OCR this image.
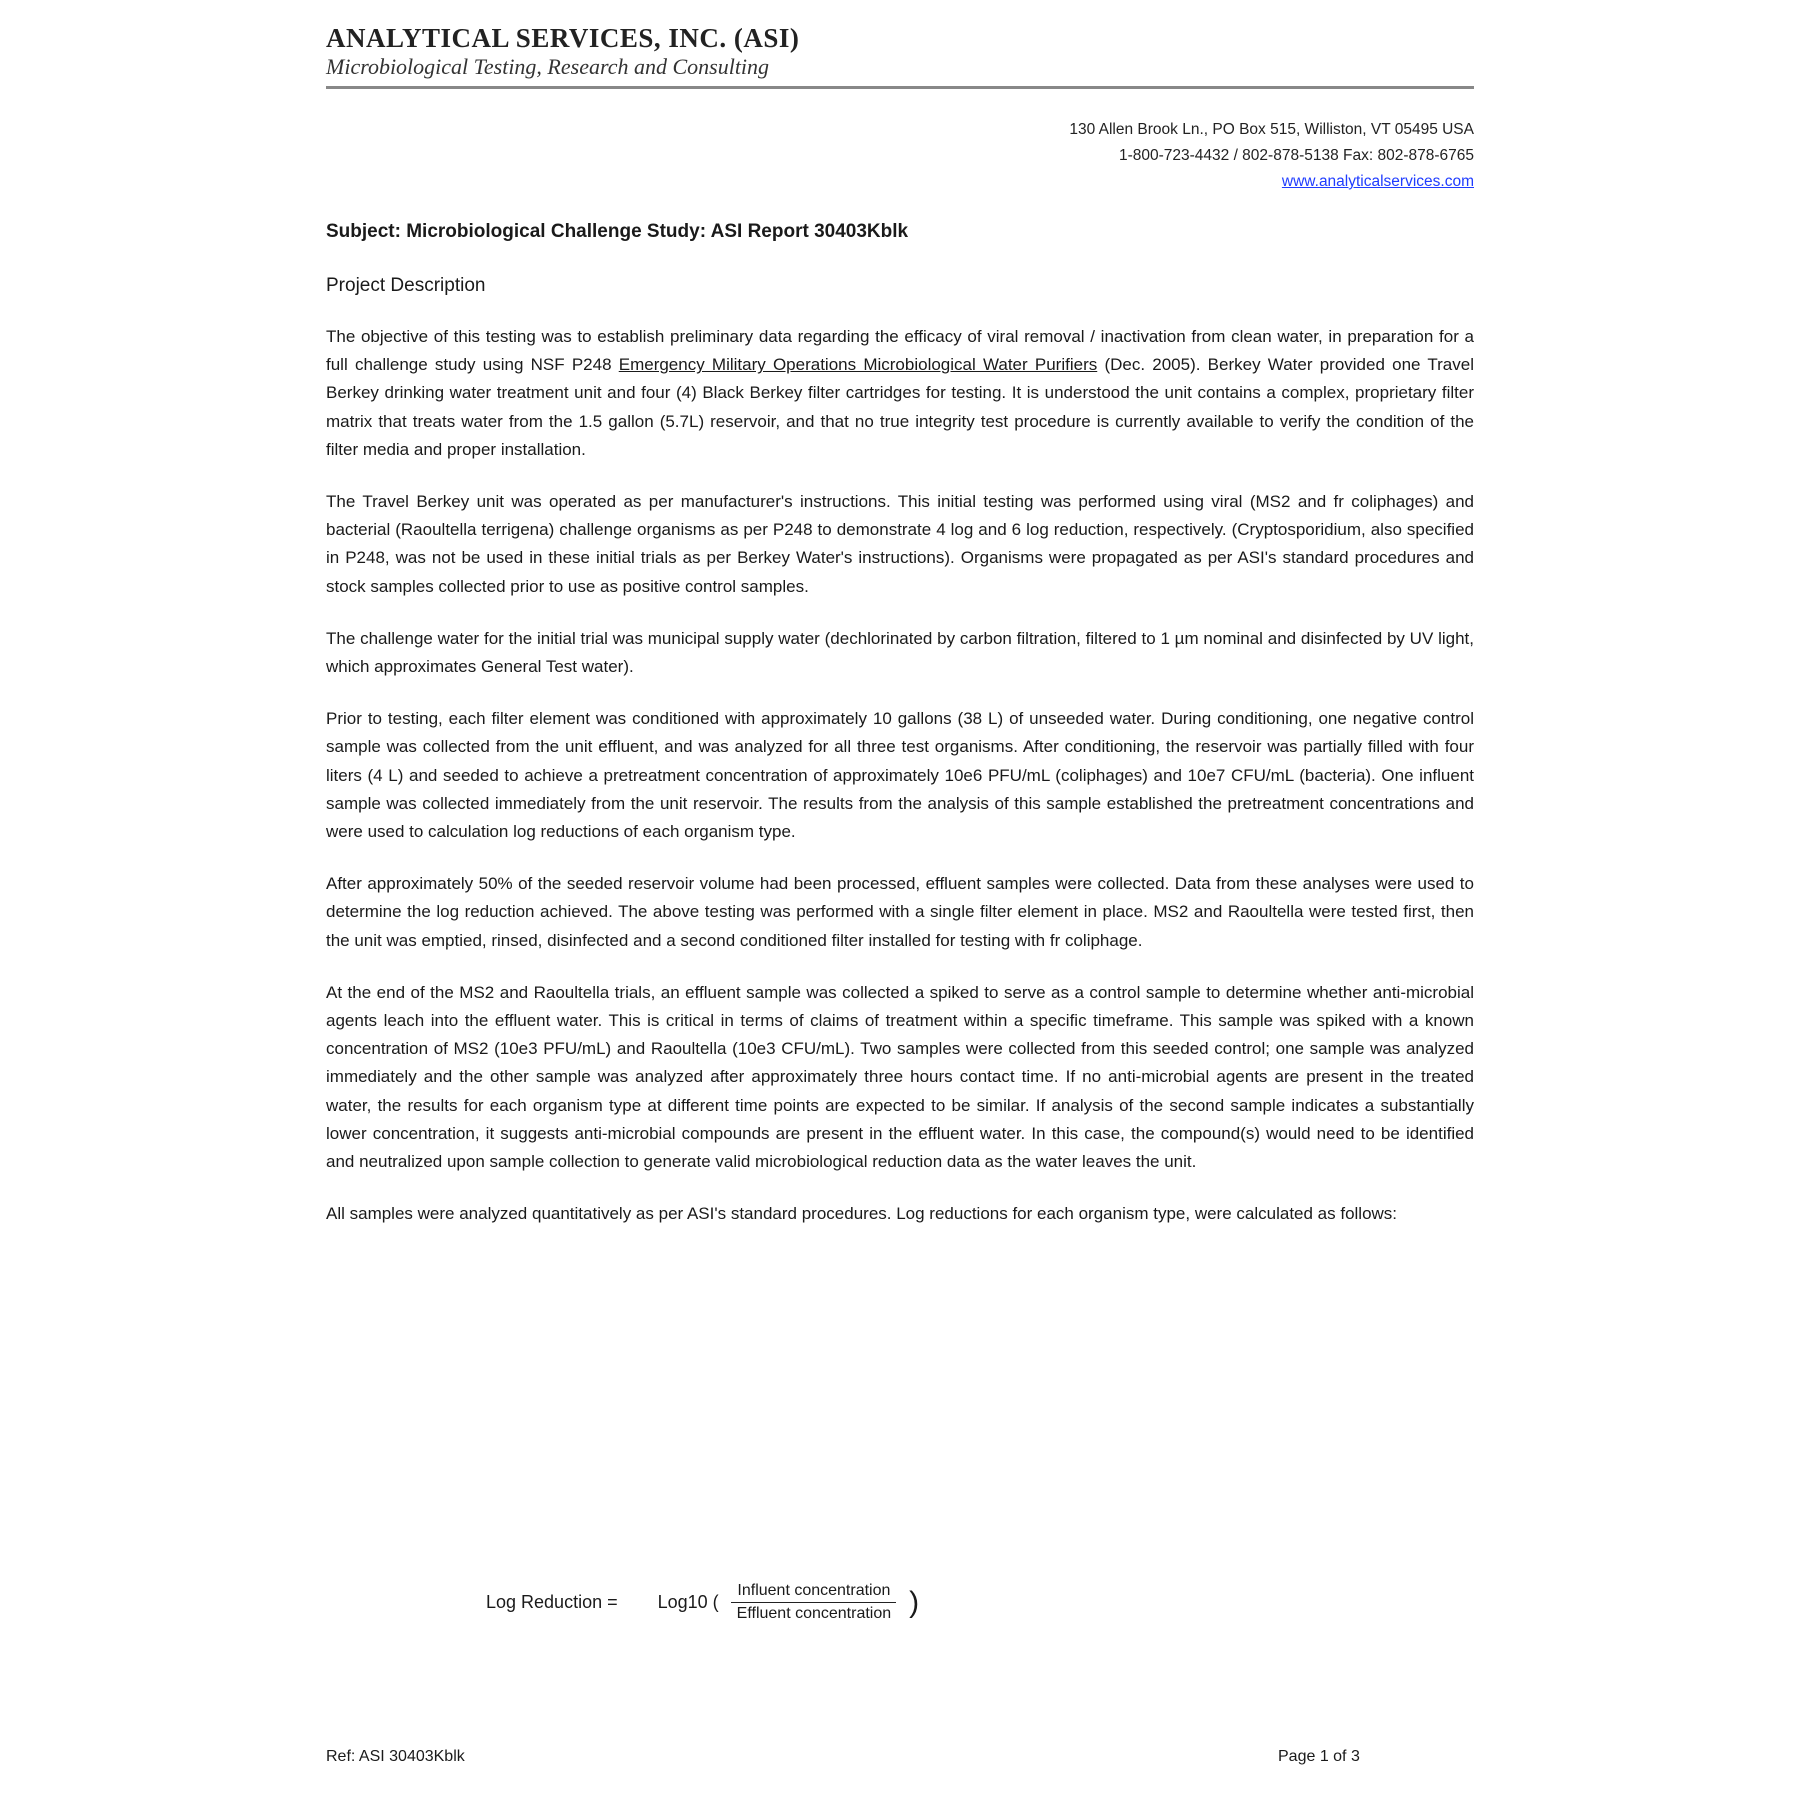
ANALYTICAL SERVICES, INC. (ASI)
Microbiological Testing, Research and Consulting
130 Allen Brook Ln., PO Box 515, Williston, VT 05495 USA
1-800-723-4432 / 802-878-5138 Fax: 802-878-6765
www.analyticalservices.com
Subject: Microbiological Challenge Study: ASI Report 30403Kblk
Project Description

The objective of this testing was to establish preliminary data regarding the efficacy of viral removal / inactivation from clean water, in preparation for a full challenge study using NSF P248 Emergency Military Operations Microbiological Water Purifiers (Dec. 2005). Berkey Water provided one Travel Berkey drinking water treatment unit and four (4) Black Berkey filter cartridges for testing. It is understood the unit contains a complex, proprietary filter matrix that treats water from the 1.5 gallon (5.7L) reservoir, and that no true integrity test procedure is currently available to verify the condition of the filter media and proper installation.

The Travel Berkey unit was operated as per manufacturer's instructions. This initial testing was performed using viral (MS2 and fr coliphages) and bacterial (Raoultella terrigena) challenge organisms as per P248 to demonstrate 4 log and 6 log reduction, respectively. (Cryptosporidium, also specified in P248, was not be used in these initial trials as per Berkey Water's instructions). Organisms were propagated as per ASI's standard procedures and stock samples collected prior to use as positive control samples.

The challenge water for the initial trial was municipal supply water (dechlorinated by carbon filtration, filtered to 1 µm nominal and disinfected by UV light, which approximates General Test water).

Prior to testing, each filter element was conditioned with approximately 10 gallons (38 L) of unseeded water. During conditioning, one negative control sample was collected from the unit effluent, and was analyzed for all three test organisms. After conditioning, the reservoir was partially filled with four liters (4 L) and seeded to achieve a pretreatment concentration of approximately 10e6 PFU/mL (coliphages) and 10e7 CFU/mL (bacteria). One influent sample was collected immediately from the unit reservoir. The results from the analysis of this sample established the pretreatment concentrations and were used to calculation log reductions of each organism type.

After approximately 50% of the seeded reservoir volume had been processed, effluent samples were collected. Data from these analyses were used to determine the log reduction achieved. The above testing was performed with a single filter element in place. MS2 and Raoultella were tested first, then the unit was emptied, rinsed, disinfected and a second conditioned filter installed for testing with fr coliphage.

At the end of the MS2 and Raoultella trials, an effluent sample was collected a spiked to serve as a control sample to determine whether anti-microbial agents leach into the effluent water. This is critical in terms of claims of treatment within a specific timeframe. This sample was spiked with a known concentration of MS2 (10e3 PFU/mL) and Raoultella (10e3 CFU/mL). Two samples were collected from this seeded control; one sample was analyzed immediately and the other sample was analyzed after approximately three hours contact time. If no anti-microbial agents are present in the treated water, the results for each organism type at different time points are expected to be similar. If analysis of the second sample indicates a substantially lower concentration, it suggests anti-microbial compounds are present in the effluent water. In this case, the compound(s) would need to be identified and neutralized upon sample collection to generate valid microbiological reduction data as the water leaves the unit.

All samples were analyzed quantitatively as per ASI's standard procedures. Log reductions for each organism type, were calculated as follows:

Log Reduction = Log10 ( $\frac{\text{Influent concentration}}{\text{Effluent concentration}}$ )
Ref: ASI 30403Kblk	Page 1 of 3
